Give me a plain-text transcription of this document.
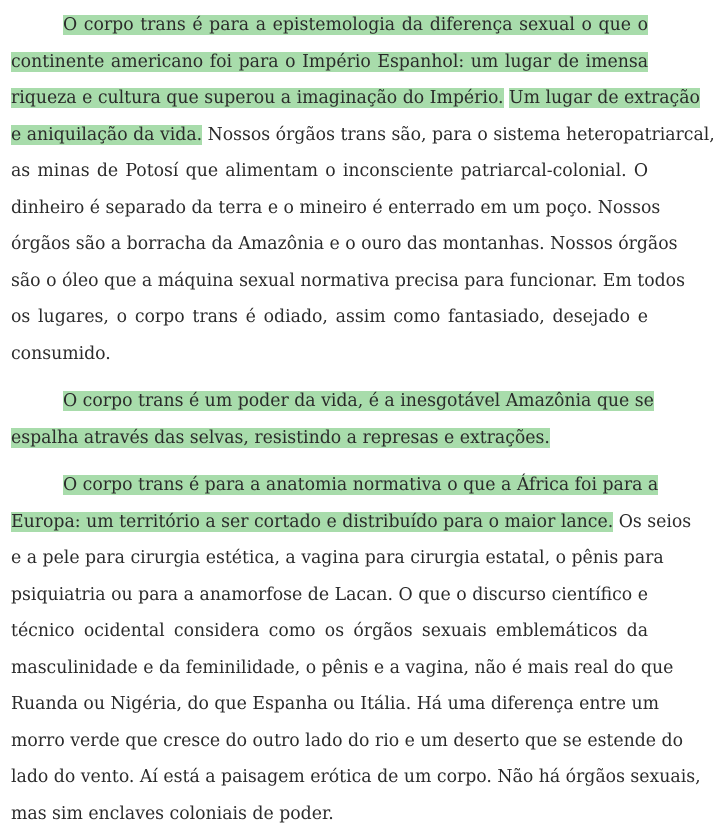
O corpo trans é para a epistemologia da diferença sexual o que o
continente americano foi para o Império Espanhol: um lugar de imensa
riqueza e cultura que superou a imaginação do Império. Um lugar de extração
e aniquilação da vida. Nossos órgãos trans são, para o sistema heteropatriarcal,
as minas de Potosí que alimentam o inconsciente patriarcal-colonial. O
dinheiro é separado da terra e o mineiro é enterrado em um poço. Nossos
órgãos são a borracha da Amazônia e o ouro das montanhas. Nossos órgãos
são o óleo que a máquina sexual normativa precisa para funcionar. Em todos
os lugares, o corpo trans é odiado, assim como fantasiado, desejado e
consumido.
O corpo trans é um poder da vida, é a inesgotável Amazônia que se
espalha através das selvas, resistindo a represas e extrações.
O corpo trans é para a anatomia normativa o que a África foi para a
Europa: um território a ser cortado e distribuído para o maior lance. Os seios
e a pele para cirurgia estética, a vagina para cirurgia estatal, o pênis para
psiquiatria ou para a anamorfose de Lacan. O que o discurso científico e
técnico ocidental considera como os órgãos sexuais emblemáticos da
masculinidade e da feminilidade, o pênis e a vagina, não é mais real do que
Ruanda ou Nigéria, do que Espanha ou Itália. Há uma diferença entre um
morro verde que cresce do outro lado do rio e um deserto que se estende do
lado do vento. Aí está a paisagem erótica de um corpo. Não há órgãos sexuais,
mas sim enclaves coloniais de poder.
